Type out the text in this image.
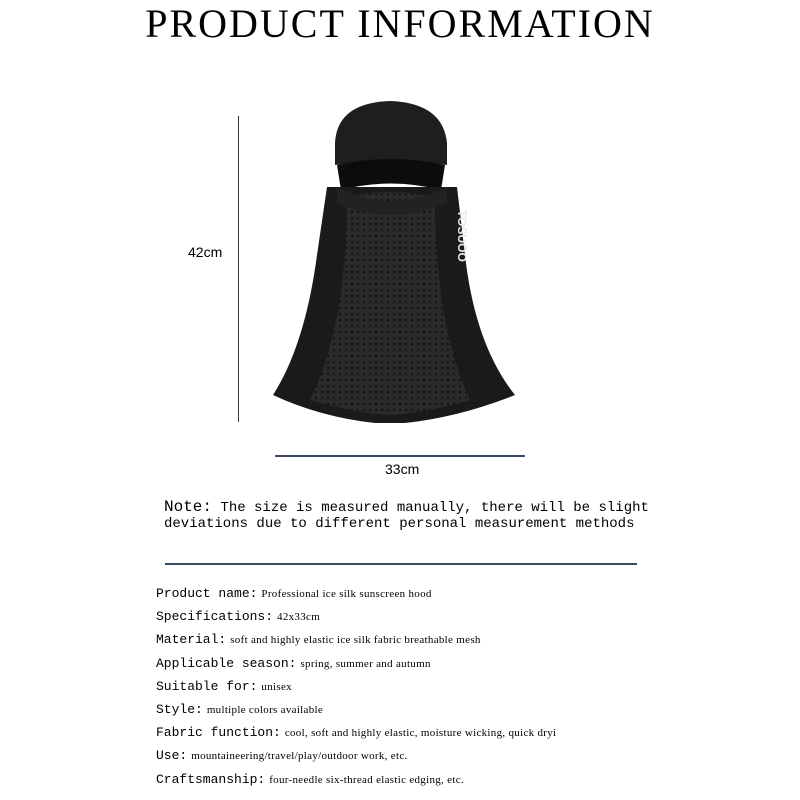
PRODUCT INFORMATION
42cm	TOSUOO
33cm
Note: The size is measured manually, there will be slight
deviations due to different personal measurement methods
Product name: Professional ice silk sunscreen hood
Specifications: 42x33cm
Material: soft and highly elastic ice silk fabric breathable mesh
Applicable season: spring, summer and autumn
Suitable for: unisex
Style: multiple colors available
Fabric function: cool, soft and highly elastic, moisture wicking, quick dryi
Use: mountaineering/travel/play/outdoor work, etc.
Craftsmanship: four-needle six-thread elastic edging, etc.
